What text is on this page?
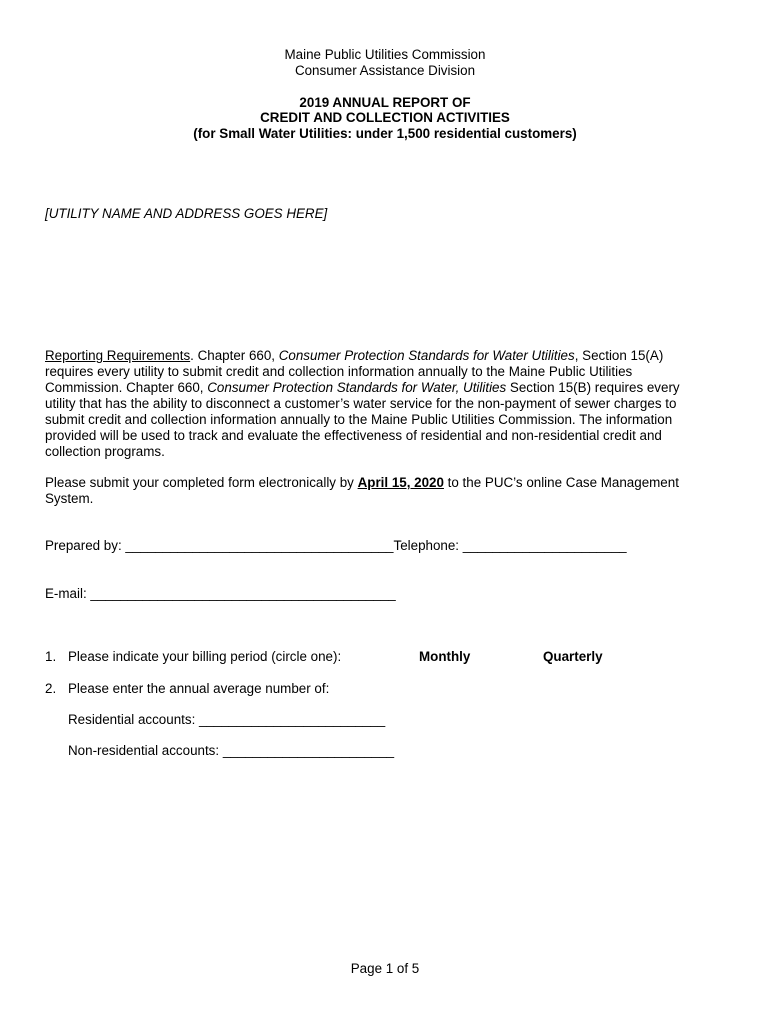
Maine Public Utilities Commission
Consumer Assistance Division
2019 ANNUAL REPORT OF
CREDIT AND COLLECTION ACTIVITIES
(for Small Water Utilities: under 1,500 residential customers)
[UTILITY NAME AND ADDRESS GOES HERE]
Reporting Requirements. Chapter 660, Consumer Protection Standards for Water Utilities, Section 15(A)
requires every utility to submit credit and collection information annually to the Maine Public Utilities
Commission. Chapter 660, Consumer Protection Standards for Water, Utilities Section 15(B) requires every
utility that has the ability to disconnect a customer’s water service for the non-payment of sewer charges to
submit credit and collection information annually to the Maine Public Utilities Commission. The information
provided will be used to track and evaluate the effectiveness of residential and non-residential credit and
collection programs.
Please submit your completed form electronically by April 15, 2020 to the PUC’s online Case Management
System.
Prepared by: ____________________________________Telephone: ______________________
E-mail: _________________________________________
1. Please indicate your billing period (circle one):	Monthly	Quarterly
2. Please enter the annual average number of:
Residential accounts: _________________________
Non-residential accounts: _______________________
Page 1 of 5
